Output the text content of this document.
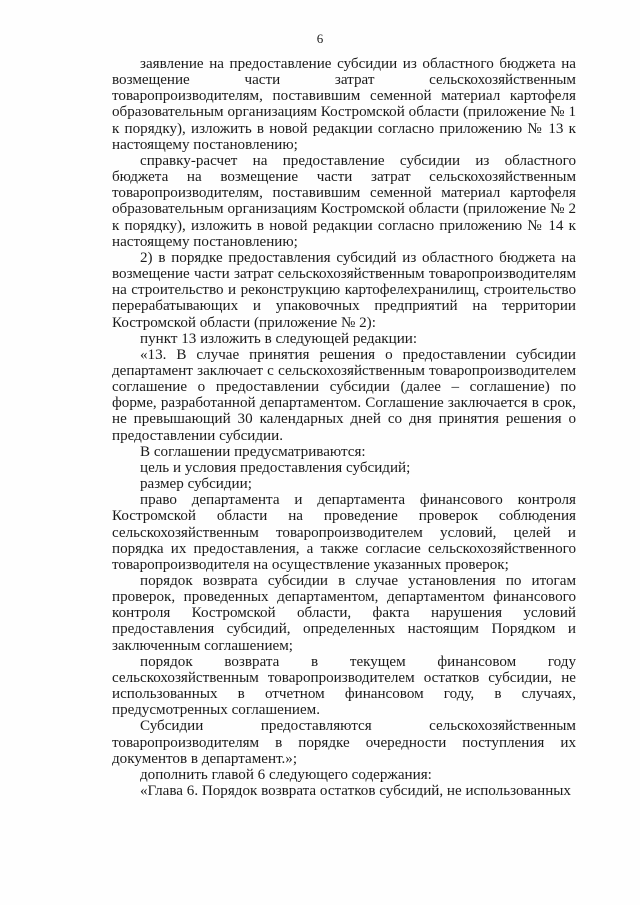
6

заявление на предоставление субсидии из областного бюджета на возмещение части затрат сельскохозяйственным товаропроизводителям, поставившим семенной материал картофеля образовательным организациям Костромской области (приложение № 1 к порядку), изложить в новой редакции согласно приложению № 13 к настоящему постановлению;

справку-расчет на предоставление субсидии из областного бюджета на возмещение части затрат сельскохозяйственным товаропроизводителям, поставившим семенной материал картофеля образовательным организациям Костромской области (приложение № 2 к порядку), изложить в новой редакции согласно приложению № 14 к настоящему постановлению;

2) в порядке предоставления субсидий из областного бюджета на возмещение части затрат сельскохозяйственным товаропроизводителям на строительство и реконструкцию картофелехранилищ, строительство перерабатывающих и упаковочных предприятий на территории Костромской области (приложение № 2):

пункт 13 изложить в следующей редакции:

«13. В случае принятия решения о предоставлении субсидии департамент заключает с сельскохозяйственным товаропроизводителем соглашение о предоставлении субсидии (далее – соглашение) по форме, разработанной департаментом. Соглашение заключается в срок, не превышающий 30 календарных дней со дня принятия решения о предоставлении субсидии.

В соглашении предусматриваются:

цель и условия предоставления субсидий;

размер субсидии;

право департамента и департамента финансового контроля Костромской области на проведение проверок соблюдения сельскохозяйственным товаропроизводителем условий, целей и порядка их предоставления, а также согласие сельскохозяйственного товаропроизводителя на осуществление указанных проверок;

порядок возврата субсидии в случае установления по итогам проверок, проведенных департаментом, департаментом финансового контроля Костромской области, факта нарушения условий предоставления субсидий, определенных настоящим Порядком и заключенным соглашением;

порядок возврата в текущем финансовом году сельскохозяйственным товаропроизводителем остатков субсидии, не использованных в отчетном финансовом году, в случаях, предусмотренных соглашением.

Субсидии предоставляются сельскохозяйственным товаропроизводителям в порядке очередности поступления их документов в департамент.»;

дополнить главой 6 следующего содержания:

«Глава 6. Порядок возврата остатков субсидий, не использованных
